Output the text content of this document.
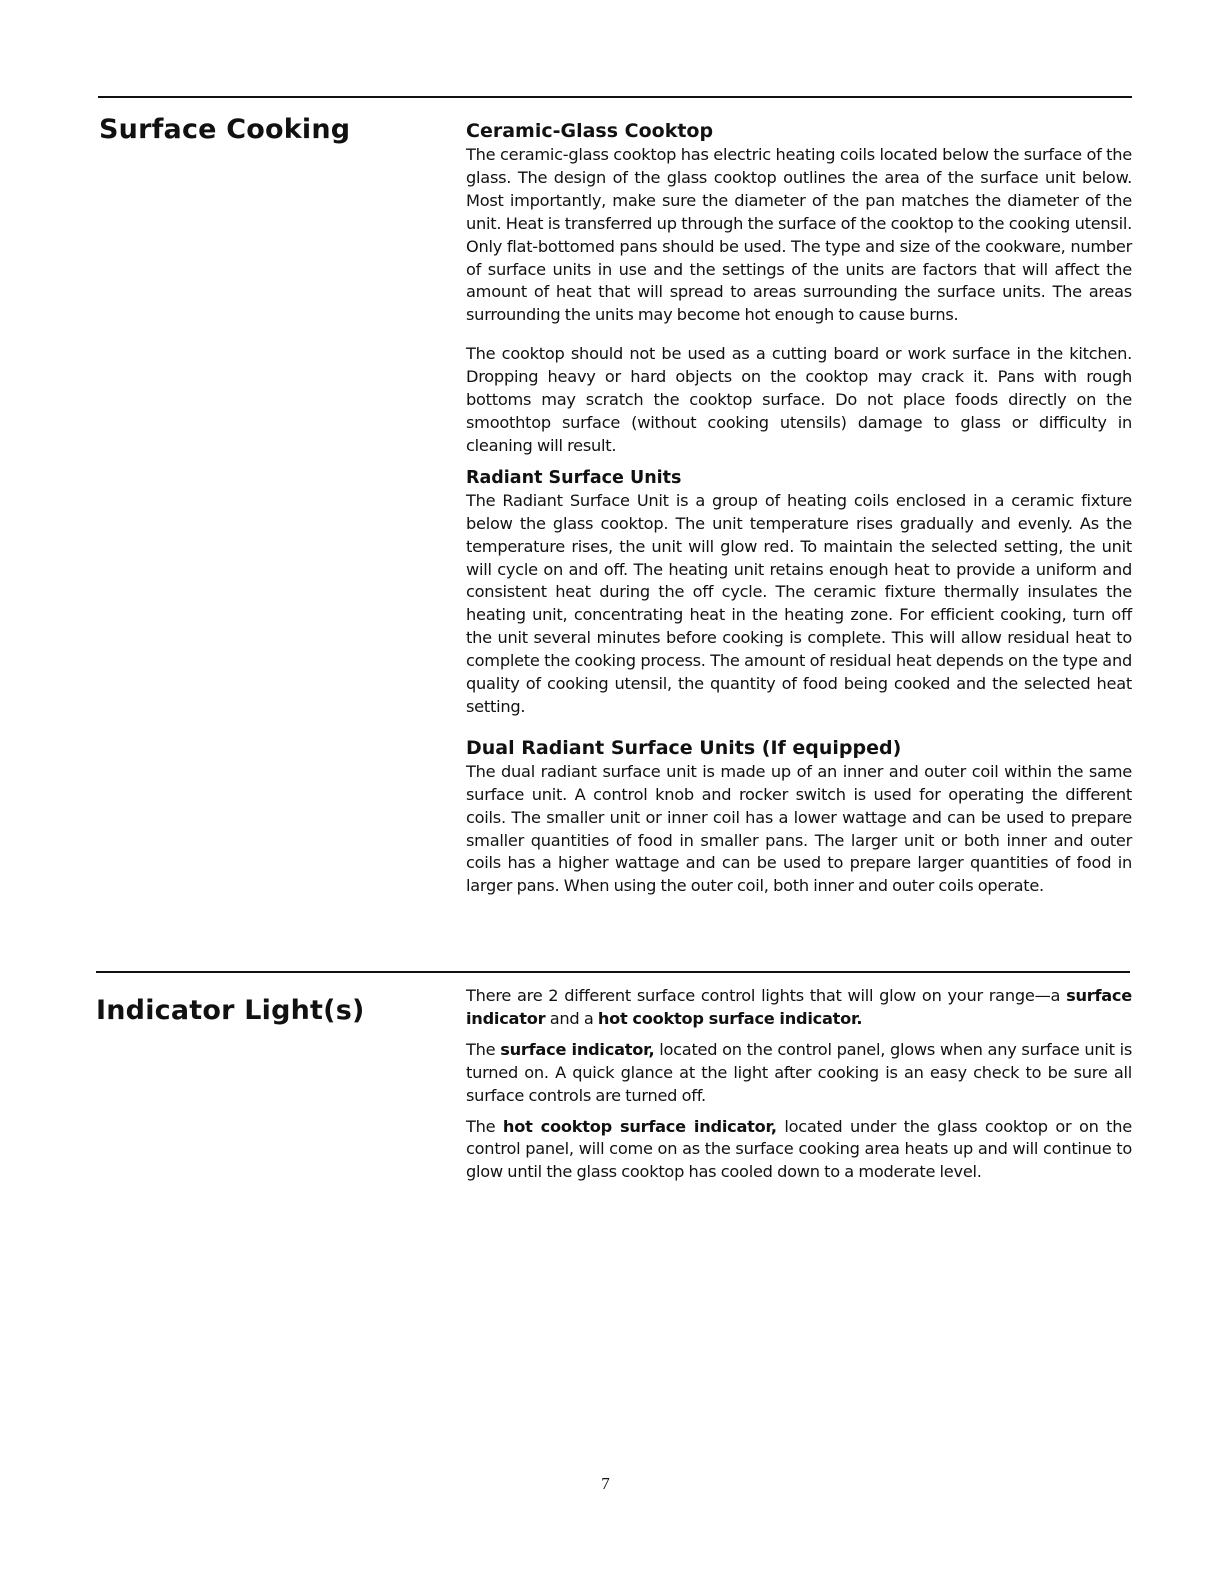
Surface Cooking	Ceramic-Glass Cooktop

The ceramic-glass cooktop has electric heating coils located below the surface of the glass. The design of the glass cooktop outlines the area of the surface unit below. Most importantly, make sure the diameter of the pan matches the diameter of the unit. Heat is transferred up through the surface of the cooktop to the cooking utensil. Only flat-bottomed pans should be used. The type and size of the cookware, number of surface units in use and the settings of the units are factors that will affect the amount of heat that will spread to areas surrounding the surface units. The areas surrounding the units may become hot enough to cause burns.

The cooktop should not be used as a cutting board or work surface in the kitchen. Dropping heavy or hard objects on the cooktop may crack it. Pans with rough bottoms may scratch the cooktop surface. Do not place foods directly on the smoothtop surface (without cooking utensils) damage to glass or difficulty in cleaning will result.

Radiant Surface Units

The Radiant Surface Unit is a group of heating coils enclosed in a ceramic fixture below the glass cooktop. The unit temperature rises gradually and evenly. As the temperature rises, the unit will glow red. To maintain the selected setting, the unit will cycle on and off. The heating unit retains enough heat to provide a uniform and consistent heat during the off cycle. The ceramic fixture thermally insulates the heating unit, concentrating heat in the heating zone. For efficient cooking, turn off the unit several minutes before cooking is complete. This will allow residual heat to complete the cooking process. The amount of residual heat depends on the type and quality of cooking utensil, the quantity of food being cooked and the selected heat setting.

Dual Radiant Surface Units (If equipped)

The dual radiant surface unit is made up of an inner and outer coil within the same surface unit. A control knob and rocker switch is used for operating the different coils. The smaller unit or inner coil has a lower wattage and can be used to prepare smaller quantities of food in smaller pans. The larger unit or both inner and outer coils has a higher wattage and can be used to prepare larger quantities of food in larger pans. When using the outer coil, both inner and outer coils operate.

Indicator Light(s)	There are 2 different surface control lights that will glow on your range—a surface indicator and a hot cooktop surface indicator.

The surface indicator, located on the control panel, glows when any surface unit is turned on. A quick glance at the light after cooking is an easy check to be sure all surface controls are turned off.

The hot cooktop surface indicator, located under the glass cooktop or on the control panel, will come on as the surface cooking area heats up and will continue to glow until the glass cooktop has cooled down to a moderate level.

7
